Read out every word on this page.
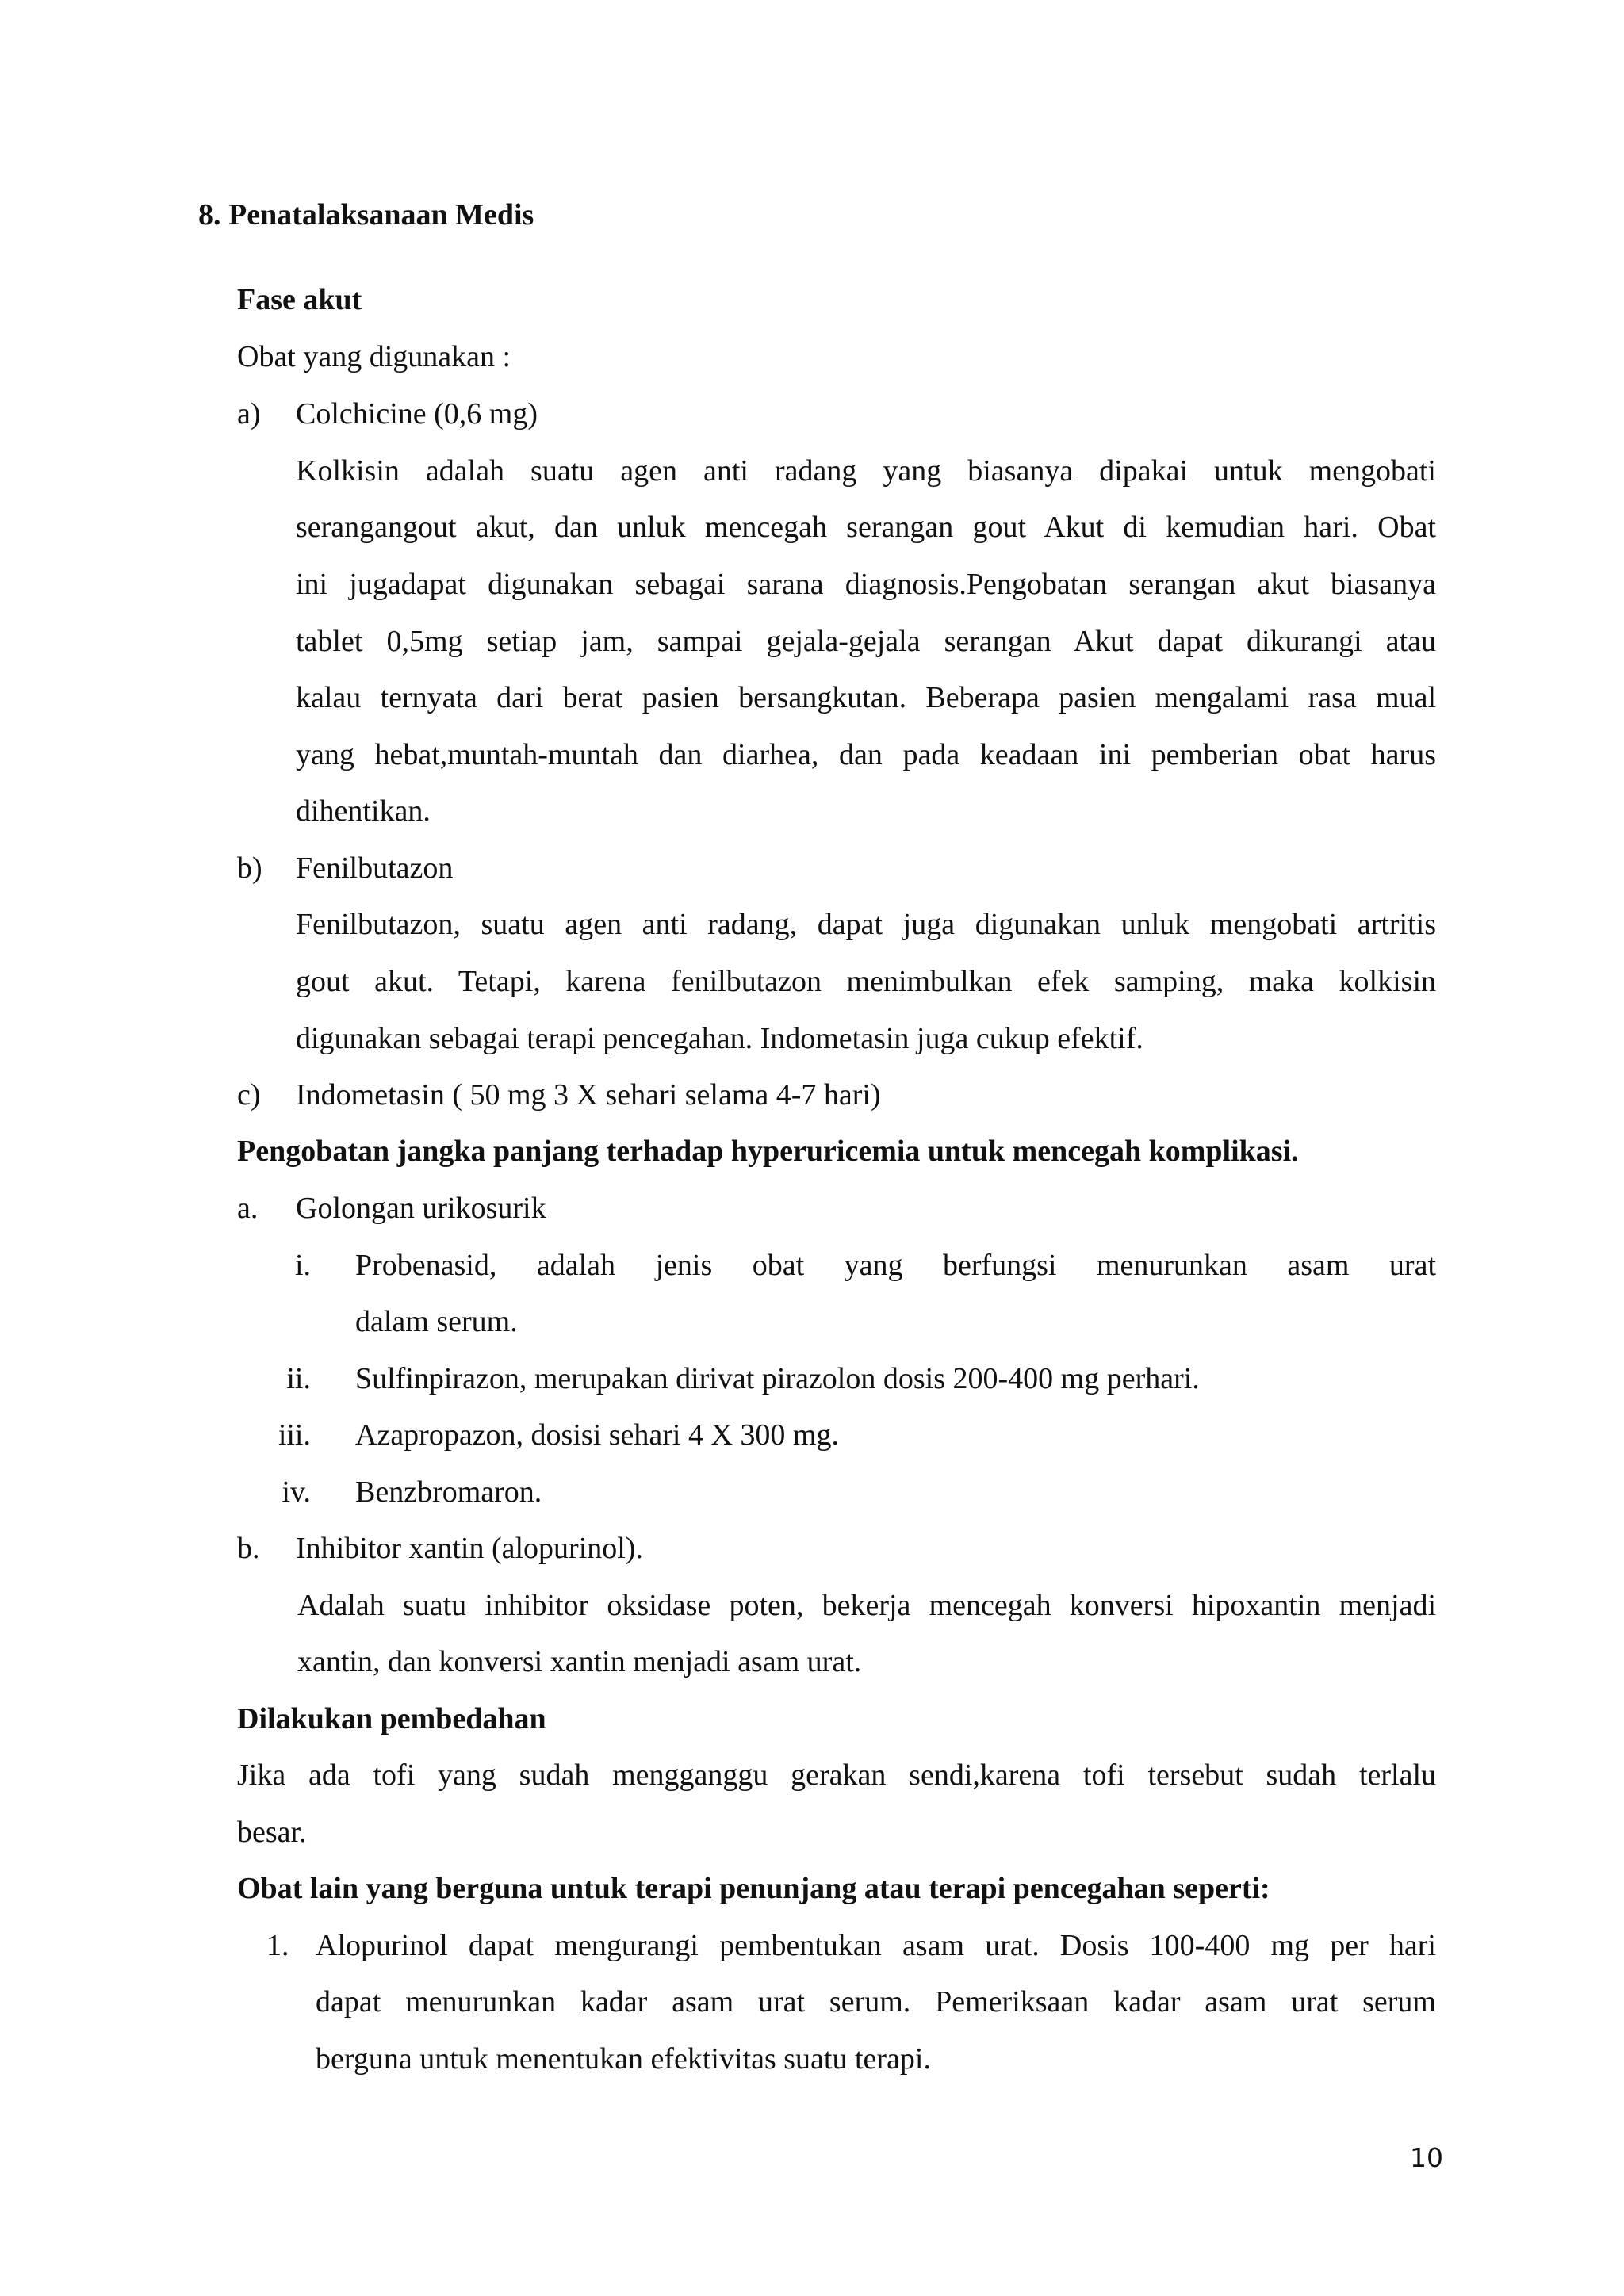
8. Penatalaksanaan Medis

Fase akut

Obat yang digunakan :

a) Colchicine (0,6 mg)

Kolkisin adalah suatu agen anti radang yang biasanya dipakai untuk mengobati

serangangout akut, dan unluk mencegah serangan gout Akut di kemudian hari. Obat

ini jugadapat digunakan sebagai sarana diagnosis.Pengobatan serangan akut biasanya

tablet 0,5mg setiap jam, sampai gejala-gejala serangan Akut dapat dikurangi atau

kalau ternyata dari berat pasien bersangkutan. Beberapa pasien mengalami rasa mual

yang hebat,muntah-muntah dan diarhea, dan pada keadaan ini pemberian obat harus

dihentikan.

b) Fenilbutazon

Fenilbutazon, suatu agen anti radang, dapat juga digunakan unluk mengobati artritis

gout akut. Tetapi, karena fenilbutazon menimbulkan efek samping, maka kolkisin

digunakan sebagai terapi pencegahan. Indometasin juga cukup efektif.

c) Indometasin ( 50 mg 3 X sehari selama 4-7 hari)

Pengobatan jangka panjang terhadap hyperuricemia untuk mencegah komplikasi.

a. Golongan urikosurik

i. Probenasid, adalah jenis obat yang berfungsi menurunkan asam urat

dalam serum.

ii. Sulfinpirazon, merupakan dirivat pirazolon dosis 200-400 mg perhari.

iii. Azapropazon, dosisi sehari 4 X 300 mg.

iv. Benzbromaron.

b. Inhibitor xantin (alopurinol).

Adalah suatu inhibitor oksidase poten, bekerja mencegah konversi hipoxantin menjadi

xantin, dan konversi xantin menjadi asam urat.

Dilakukan pembedahan

Jika ada tofi yang sudah mengganggu gerakan sendi,karena tofi tersebut sudah terlalu

besar.

Obat lain yang berguna untuk terapi penunjang atau terapi pencegahan seperti:

1. Alopurinol dapat mengurangi pembentukan asam urat. Dosis 100-400 mg per hari

dapat menurunkan kadar asam urat serum. Pemeriksaan kadar asam urat serum

berguna untuk menentukan efektivitas suatu terapi.

10
